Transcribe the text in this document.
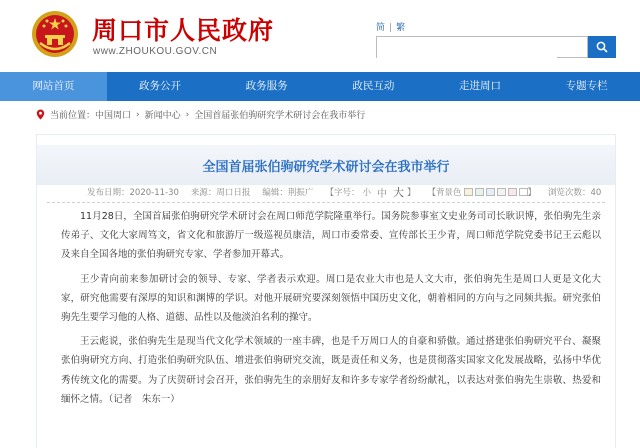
周口市人民政府
www.ZHOUKOU.GOV.CN
简 | 繁
网站首页	政务公开	政务服务	政民互动	走进周口	专题专栏
当前位置： 中国周口 › 新闻中心 › 全国首届张伯驹研究学术研讨会在我市举行
全国首届张伯驹研究学术研讨会在我市举行
发布日期：2020-11-30 来源：周口日报 编辑：荆振广 【字号： 小 中 大 】 【背景色	】 浏览次数：40

11月28日，全国首届张伯驹研究学术研讨会在周口师范学院隆重举行。国务院参事室文史业务司司长耿识博，张伯驹先生亲传弟子、文化大家周笃文，省文化和旅游厅一级巡视员康洁，周口市委常委、宣传部长王少青，周口师范学院党委书记王云彪以及来自全国各地的张伯驹研究专家、学者参加开幕式。

王少青向前来参加研讨会的领导、专家、学者表示欢迎。周口是农业大市也是人文大市，张伯驹先生是周口人更是文化大家，研究他需要有深厚的知识和渊博的学识。对他开展研究要深刻领悟中国历史文化，朝着相同的方向与之同频共振。研究张伯驹先生要学习他的人格、道德、品性以及他淡泊名利的操守。

王云彪说，张伯驹先生是现当代文化学术领域的一座丰碑，也是千万周口人的自豪和骄傲。通过搭建张伯驹研究平台、凝聚张伯驹研究方向、打造张伯驹研究队伍、增进张伯驹研究交流，既是责任和义务，也是贯彻落实国家文化发展战略，弘扬中华优秀传统文化的需要。为了庆贺研讨会召开，张伯驹先生的亲朋好友和许多专家学者纷纷献礼，以表达对张伯驹先生崇敬、热爱和缅怀之情。（记者　朱东一）
